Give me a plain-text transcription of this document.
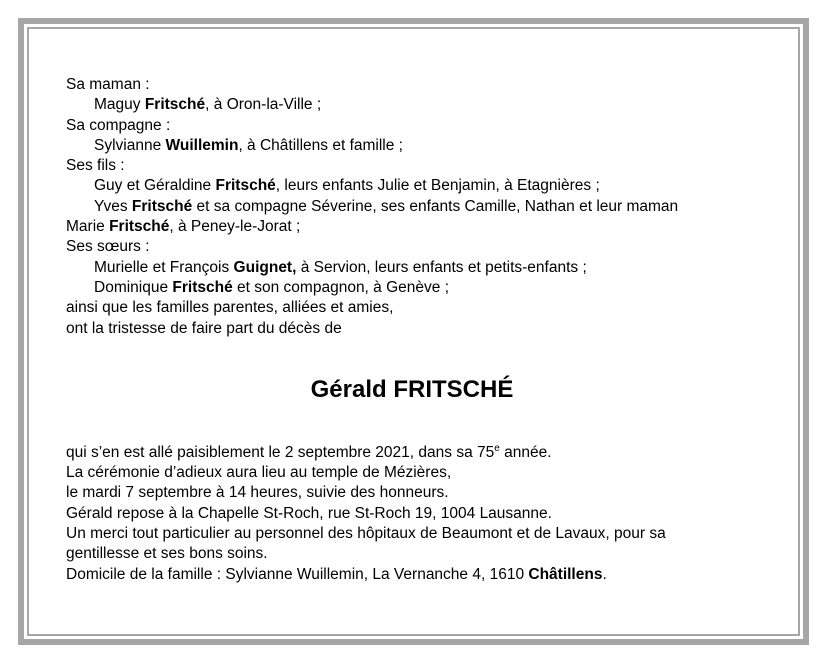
Sa maman :
Maguy Fritsché, à Oron-la-Ville ;
Sa compagne :
Sylvianne Wuillemin, à Châtillens et famille ;
Ses fils :
Guy et Géraldine Fritsché, leurs enfants Julie et Benjamin, à Etagnières ;
Yves Fritsché et sa compagne Séverine, ses enfants Camille, Nathan et leur maman
Marie Fritsché, à Peney-le-Jorat ;
Ses sœurs :
Murielle et François Guignet, à Servion, leurs enfants et petits-enfants ;
Dominique Fritsché et son compagnon, à Genève ;
ainsi que les familles parentes, alliées et amies,
ont la tristesse de faire part du décès de
Gérald FRITSCHÉ
qui s’en est allé paisiblement le 2 septembre 2021, dans sa 75e année.
La cérémonie d’adieux aura lieu au temple de Mézières,
le mardi 7 septembre à 14 heures, suivie des honneurs.
Gérald repose à la Chapelle St-Roch, rue St-Roch 19, 1004 Lausanne.
Un merci tout particulier au personnel des hôpitaux de Beaumont et de Lavaux, pour sa
gentillesse et ses bons soins.
Domicile de la famille : Sylvianne Wuillemin, La Vernanche 4, 1610 Châtillens.
